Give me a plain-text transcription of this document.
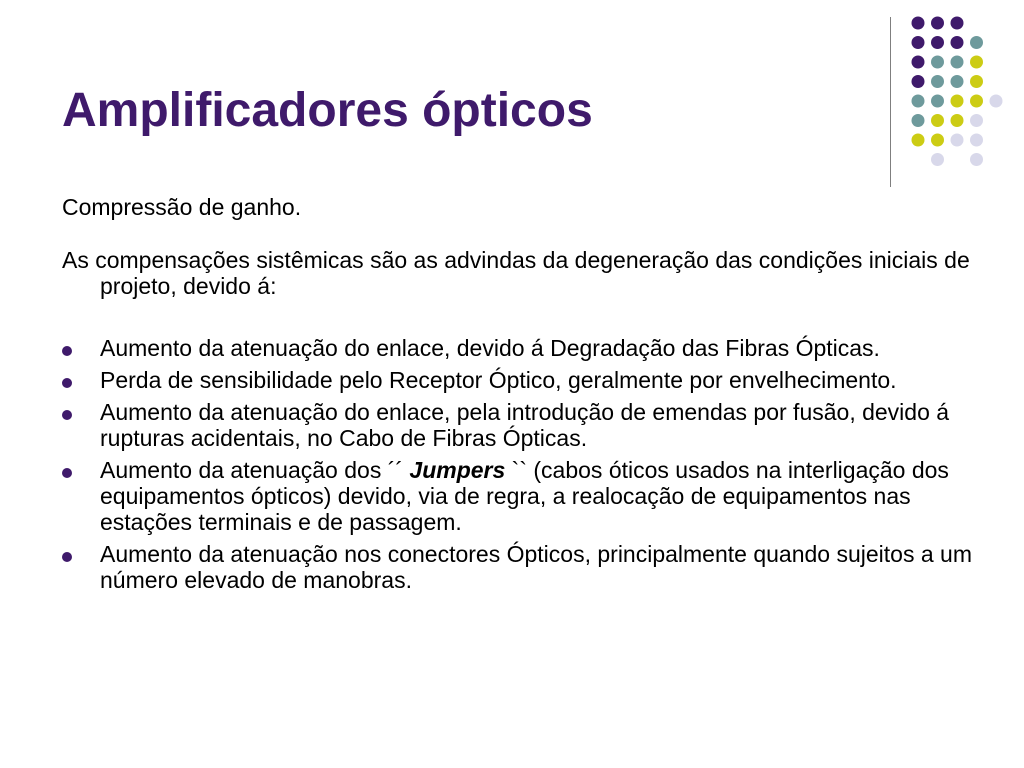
Amplificadores ópticos

Compressão de ganho.

As compensações sistêmicas são as advindas da degeneração das condições iniciais de projeto, devido á:

Aumento da atenuação do enlace, devido á Degradação das Fibras Ópticas.
Perda de sensibilidade pelo Receptor Óptico, geralmente por envelhecimento.
Aumento da atenuação do enlace, pela introdução de emendas por fusão, devido á rupturas acidentais, no Cabo de Fibras Ópticas.
Aumento da atenuação dos ´´ Jumpers `` (cabos óticos usados na interligação dos equipamentos ópticos) devido, via de regra, a realocação de equipamentos nas estações terminais e de passagem.
Aumento da atenuação nos conectores Ópticos, principalmente quando sujeitos a um número elevado de manobras.
